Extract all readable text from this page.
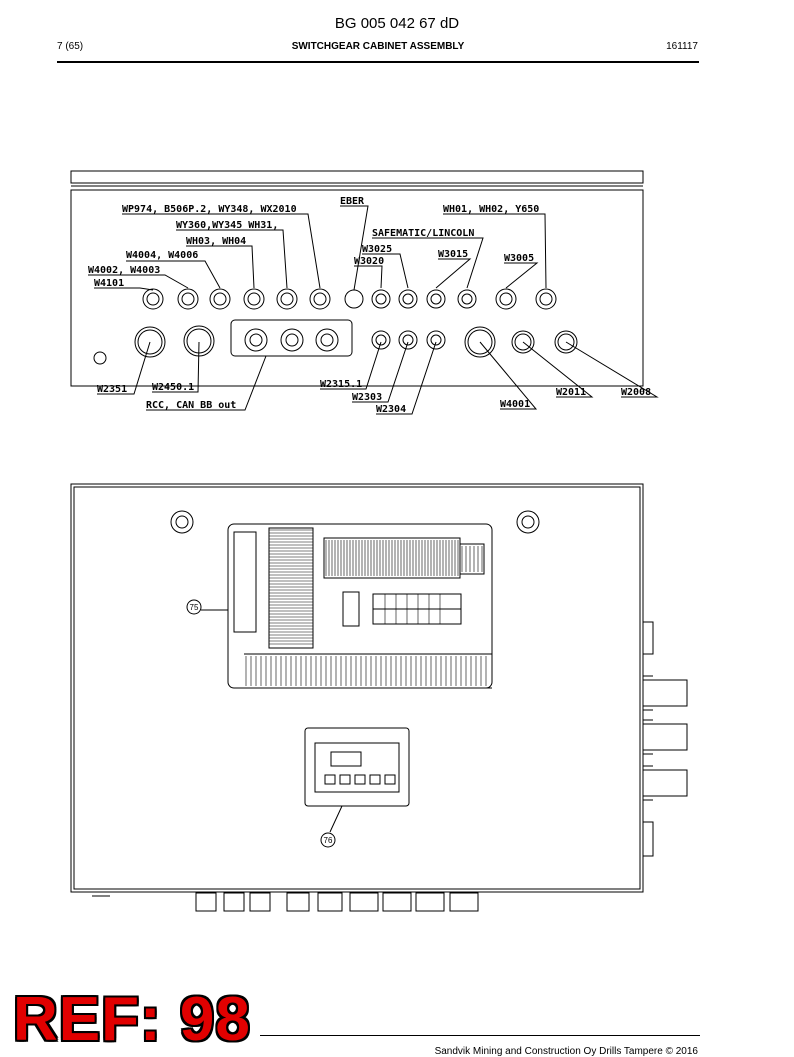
BG 005 042 67 dD
7 (65)	SWITCHGEAR CABINET ASSEMBLY	161117
WP974, B506P.2, WY348, WX2010
WY360,WY345 WH31,
WH03, WH04
W4004, W4006
W4002, W4003
W4101
EBER
WH01, WH02, Y650
SAFEMATIC/LINCOLN
W3025
W3020
W3015	W3005
W2351 W2450.1
RCC, CAN BB out
W2315.1
W2303
W2304	W4001
W2011	W2008
75
76
REF: 98	Sandvik Mining and Construction Oy Drills Tampere © 2016
